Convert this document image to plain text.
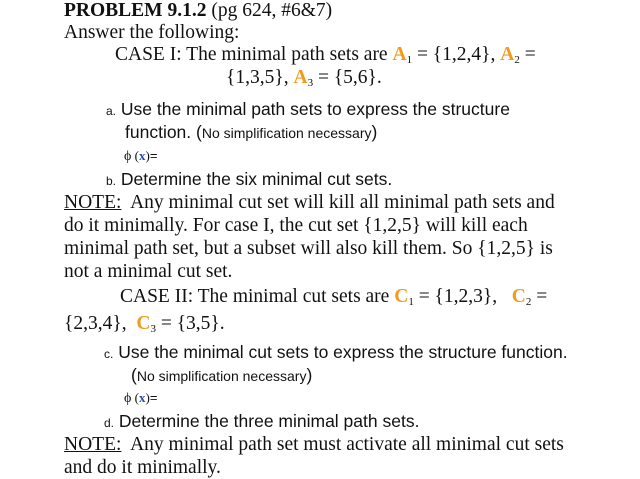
PROBLEM 9.1.2 (pg 624, #6&7)
Answer the following:
CASE I: The minimal path sets are $A_1 = \{1,2,4\}$, $A_2$ =
{1,3,5}, $A_3 = \{5,6\}$.
a. Use the minimal path sets to express the structure
function. (No simplification necessary)
ϕ (x)=
b. Determine the six minimal cut sets.
NOTE:  Any minimal cut set will kill all minimal path sets and
do it minimally. For case I, the cut set {1,2,5} will kill each
minimal path set, but a subset will also kill them. So {1,2,5} is
not a minimal cut set.
CASE II: The minimal cut sets are $C_1 = \{1,2,3\}$,   $C_2$ =
{2,3,4},  $C_3 = \{3,5\}$.
c. Use the minimal cut sets to express the structure function.
(No simplification necessary)
ϕ (x)=
d. Determine the three minimal path sets.
NOTE:  Any minimal path set must activate all minimal cut sets
and do it minimally.
